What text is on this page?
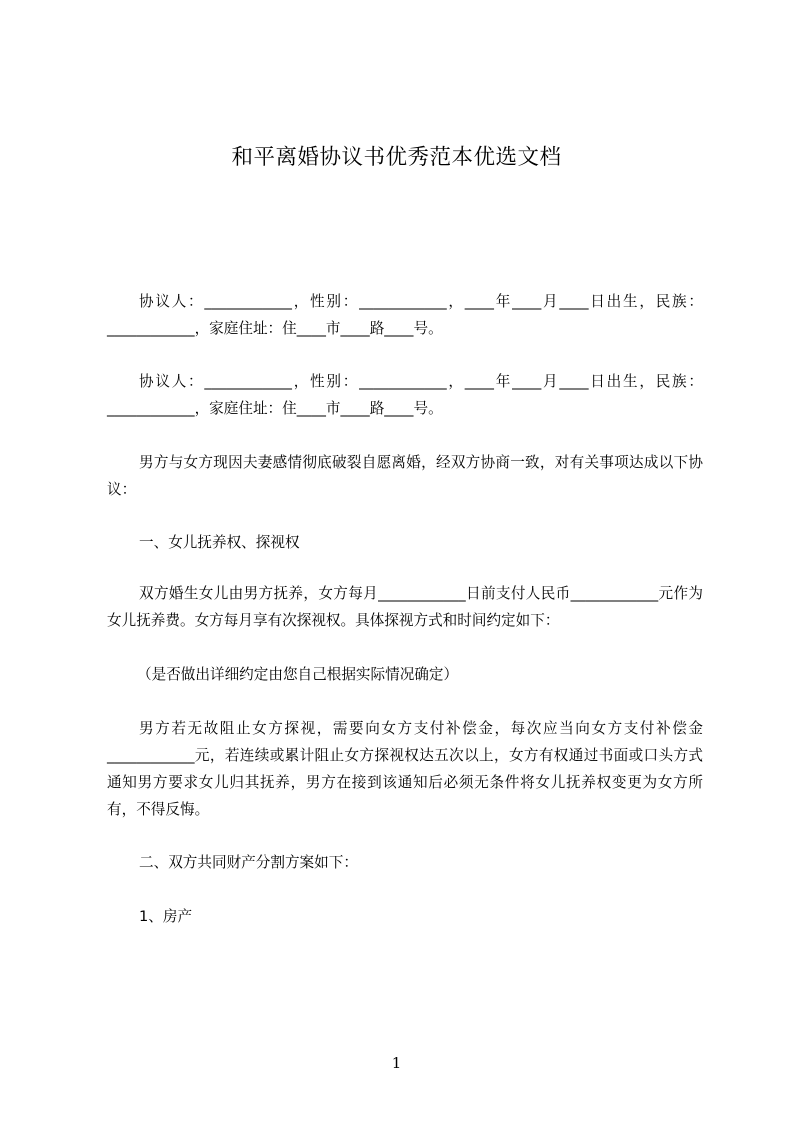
和平离婚协议书优秀范本优选文档

协议人：____________，性别：____________，____年____月____日出生，民族：____________，家庭住址：住____市____路____号。

协议人：____________，性别：____________，____年____月____日出生，民族：____________，家庭住址：住____市____路____号。

男方与女方现因夫妻感情彻底破裂自愿离婚，经双方协商一致，对有关事项达成以下协议：

一、女儿抚养权、探视权

双方婚生女儿由男方抚养，女方每月____________日前支付人民币____________元作为女儿抚养费。女方每月享有次探视权。具体探视方式和时间约定如下：

（是否做出详细约定由您自己根据实际情况确定）

男方若无故阻止女方探视，需要向女方支付补偿金，每次应当向女方支付补偿金____________元，若连续或累计阻止女方探视权达五次以上，女方有权通过书面或口头方式通知男方要求女儿归其抚养，男方在接到该通知后必须无条件将女儿抚养权变更为女方所有，不得反悔。

二、双方共同财产分割方案如下：

1、房产

1
